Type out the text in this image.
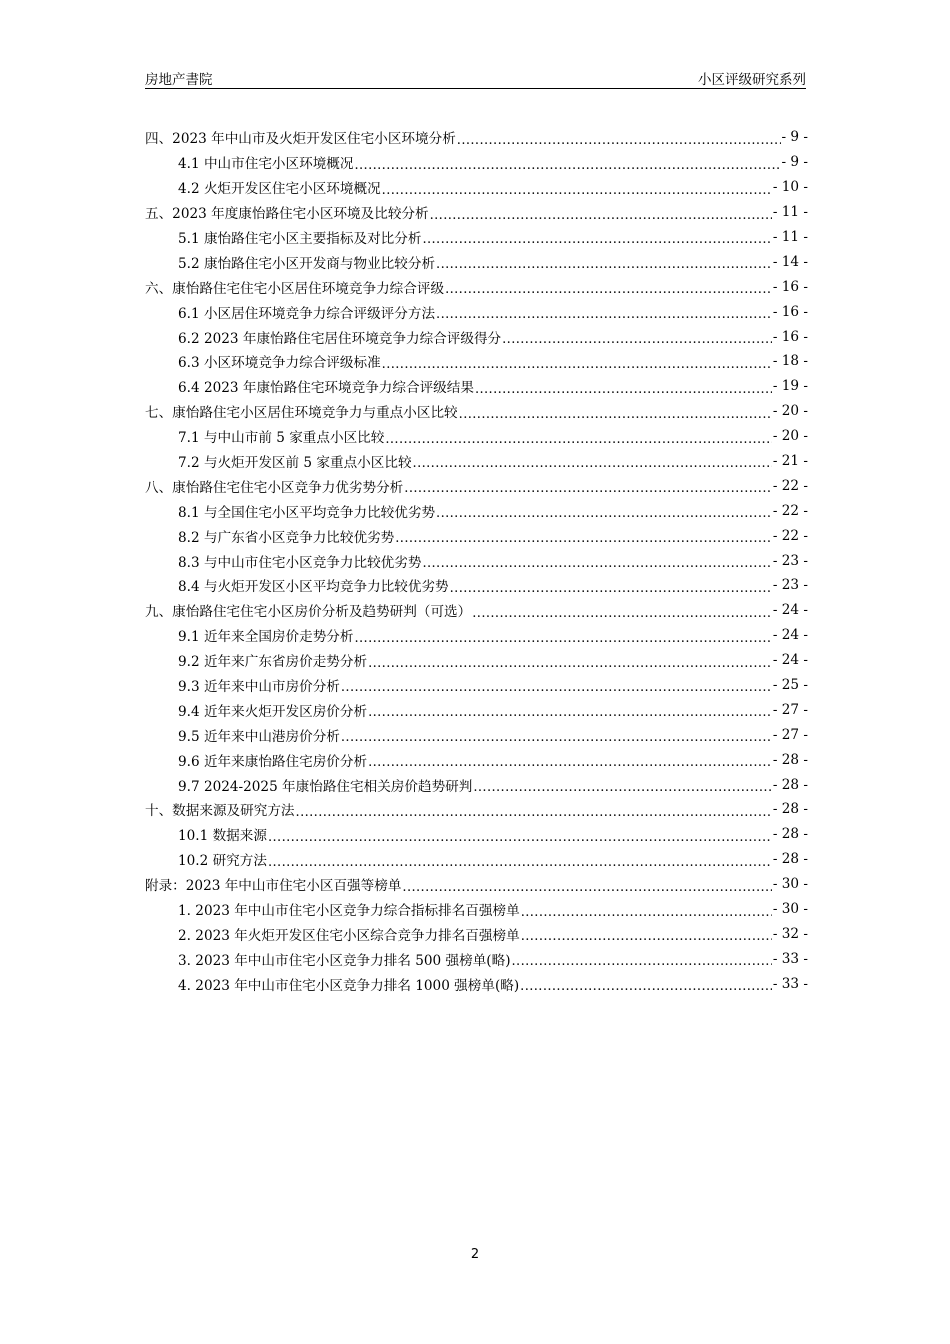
房地产書院	小区评级研究系列
四、2023 年中山市及火炬开发区住宅小区环境分析 .....	- 9 -
4.1 中山市住宅小区环境概况 .....	- 9 -
4.2 火炬开发区住宅小区环境概况 .....	- 10 -
五、2023 年度康怡路住宅小区环境及比较分析 .....	- 11 -
5.1 康怡路住宅小区主要指标及对比分析 .....	- 11 -
5.2 康怡路住宅小区开发商与物业比较分析 .....	- 14 -
六、康怡路住宅住宅小区居住环境竞争力综合评级 .....	- 16 -
6.1 小区居住环境竞争力综合评级评分方法 .....	- 16 -
6.2 2023 年康怡路住宅居住环境竞争力综合评级得分 .....	- 16 -
6.3 小区环境竞争力综合评级标准 .....	- 18 -
6.4 2023 年康怡路住宅环境竞争力综合评级结果 .....	- 19 -
七、康怡路住宅小区居住环境竞争力与重点小区比较 .....	- 20 -
7.1 与中山市前 5 家重点小区比较 .....	- 20 -
7.2 与火炬开发区前 5 家重点小区比较 .....	- 21 -
八、康怡路住宅住宅小区竞争力优劣势分析 .....	- 22 -
8.1 与全国住宅小区平均竞争力比较优劣势 .....	- 22 -
8.2 与广东省小区竞争力比较优劣势 .....	- 22 -
8.3 与中山市住宅小区竞争力比较优劣势 .....	- 23 -
8.4 与火炬开发区小区平均竞争力比较优劣势 .....	- 23 -
九、康怡路住宅住宅小区房价分析及趋势研判（可选） .....	- 24 -
9.1 近年来全国房价走势分析 .....	- 24 -
9.2 近年来广东省房价走势分析 .....	- 24 -
9.3 近年来中山市房价分析 .....	- 25 -
9.4 近年来火炬开发区房价分析 .....	- 27 -
9.5 近年来中山港房价分析 .....	- 27 -
9.6 近年来康怡路住宅房价分析 .....	- 28 -
9.7 2024-2025 年康怡路住宅相关房价趋势研判 .....	- 28 -
十、数据来源及研究方法 .....	- 28 -
10.1 数据来源 .....	- 28 -
10.2 研究方法 .....	- 28 -
附录：2023 年中山市住宅小区百强等榜单 .....	- 30 -
1. 2023 年中山市住宅小区竞争力综合指标排名百强榜单 .....	- 30 -
2. 2023 年火炬开发区住宅小区综合竞争力排名百强榜单 .....	- 32 -
3. 2023 年中山市住宅小区竞争力排名 500 强榜单(略) .....	- 33 -
4. 2023 年中山市住宅小区竞争力排名 1000 强榜单(略) .....	- 33 -
2
